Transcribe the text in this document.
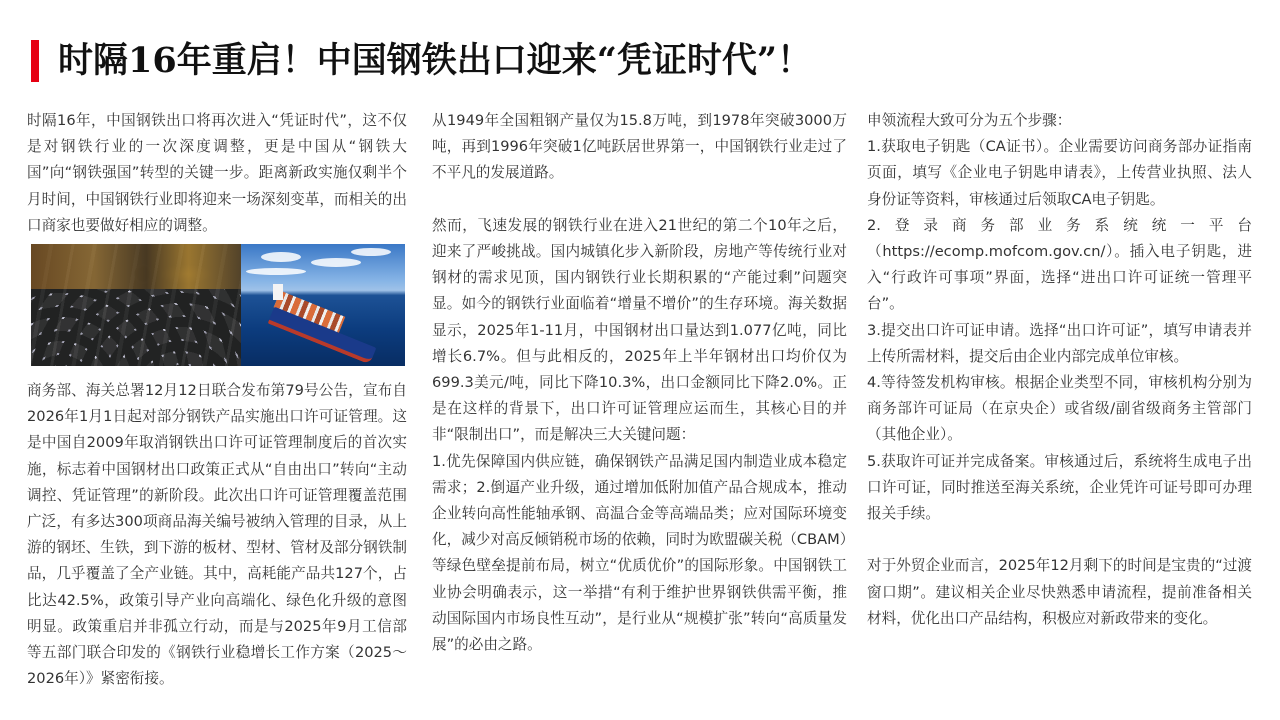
时隔16年重启！中国钢铁出口迎来“凭证时代”！

时隔16年，中国钢铁出口将再次进入“凭证时代”，这不仅是对钢铁行业的一次深度调整，更是中国从“钢铁大国”向“钢铁强国”转型的关键一步。距离新政实施仅剩半个月时间，中国钢铁行业即将迎来一场深刻变革，而相关的出口商家也要做好相应的调整。

商务部、海关总署12月12日联合发布第79号公告，宣布自2026年1月1日起对部分钢铁产品实施出口许可证管理。这是中国自2009年取消钢铁出口许可证管理制度后的首次实施，标志着中国钢材出口政策正式从“自由出口”转向“主动调控、凭证管理”的新阶段。此次出口许可证管理覆盖范围广泛，有多达300项商品海关编号被纳入管理的目录，从上游的钢坯、生铁，到下游的板材、型材、管材及部分钢铁制品，几乎覆盖了全产业链。其中，高耗能产品共127个，占比达42.5%，政策引导产业向高端化、绿色化升级的意图明显。政策重启并非孤立行动，而是与2025年9月工信部等五部门联合印发的《钢铁行业稳增长工作方案（2025～2026年）》紧密衔接。

从1949年全国粗钢产量仅为15.8万吨，到1978年突破3000万吨，再到1996年突破1亿吨跃居世界第一，中国钢铁行业走过了不平凡的发展道路。

然而，飞速发展的钢铁行业在进入21世纪的第二个10年之后，迎来了严峻挑战。国内城镇化步入新阶段，房地产等传统行业对钢材的需求见顶，国内钢铁行业长期积累的“产能过剩”问题突显。如今的钢铁行业面临着“增量不增价”的生存环境。海关数据显示，2025年1-11月，中国钢材出口量达到1.077亿吨，同比增长6.7%。但与此相反的，2025年上半年钢材出口均价仅为699.3美元/吨，同比下降10.3%，出口金额同比下降2.0%。正是在这样的背景下，出口许可证管理应运而生，其核心目的并非“限制出口”，而是解决三大关键问题：

1.优先保障国内供应链，确保钢铁产品满足国内制造业成本稳定需求；2.倒逼产业升级，通过增加低附加值产品合规成本，推动企业转向高性能轴承钢、高温合金等高端品类；应对国际环境变化，减少对高反倾销税市场的依赖，同时为欧盟碳关税（CBAM）等绿色壁垒提前布局，树立“优质优价”的国际形象。中国钢铁工业协会明确表示，这一举措“有利于维护世界钢铁供需平衡，推动国际国内市场良性互动”，是行业从“规模扩张”转向“高质量发展”的必由之路。

申领流程大致可分为五个步骤：

1.获取电子钥匙（CA证书）。企业需要访问商务部办证指南页面，填写《企业电子钥匙申请表》，上传营业执照、法人身份证等资料，审核通过后领取CA电子钥匙。

2.登录商务部业务系统统一平台（https://ecomp.mofcom.gov.cn/）。插入电子钥匙，进入“行政许可事项”界面，选择“进出口许可证统一管理平台”。

3.提交出口许可证申请。选择“出口许可证”，填写申请表并上传所需材料，提交后由企业内部完成单位审核。

4.等待签发机构审核。根据企业类型不同，审核机构分别为商务部许可证局（在京央企）或省级/副省级商务主管部门（其他企业）。

5.获取许可证并完成备案。审核通过后，系统将生成电子出口许可证，同时推送至海关系统，企业凭许可证号即可办理报关手续。

对于外贸企业而言，2025年12月剩下的时间是宝贵的“过渡窗口期”。建议相关企业尽快熟悉申请流程，提前准备相关材料，优化出口产品结构，积极应对新政带来的变化。
